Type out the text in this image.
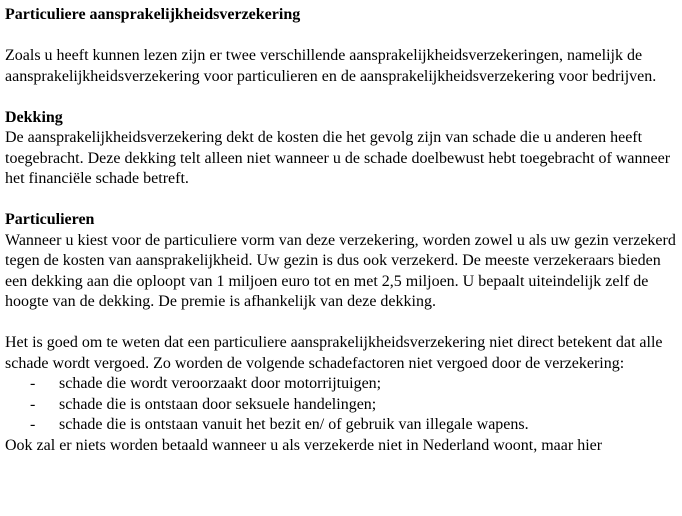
Particuliere aansprakelijkheidsverzekering

Zoals u heeft kunnen lezen zijn er twee verschillende aansprakelijkheidsverzekeringen, namelijk de aansprakelijkheidsverzekering voor particulieren en de aansprakelijkheidsverzekering voor bedrijven.

Dekking

De aansprakelijkheidsverzekering dekt de kosten die het gevolg zijn van schade die u anderen heeft toegebracht. Deze dekking telt alleen niet wanneer u de schade doelbewust hebt toegebracht of wanneer het financiële schade betreft.

Particulieren

Wanneer u kiest voor de particuliere vorm van deze verzekering, worden zowel u als uw gezin verzekerd tegen de kosten van aansprakelijkheid. Uw gezin is dus ook verzekerd. De meeste verzekeraars bieden een dekking aan die oploopt van 1 miljoen euro tot en met 2,5 miljoen. U bepaalt uiteindelijk zelf de hoogte van de dekking. De premie is afhankelijk van deze dekking.

Het is goed om te weten dat een particuliere aansprakelijkheidsverzekering niet direct betekent dat alle schade wordt vergoed. Zo worden de volgende schadefactoren niet vergoed door de verzekering:

- schade die wordt veroorzaakt door motorrijtuigen;
- schade die is ontstaan door seksuele handelingen;
- schade die is ontstaan vanuit het bezit en/ of gebruik van illegale wapens.

Ook zal er niets worden betaald wanneer u als verzekerde niet in Nederland woont, maar hier
